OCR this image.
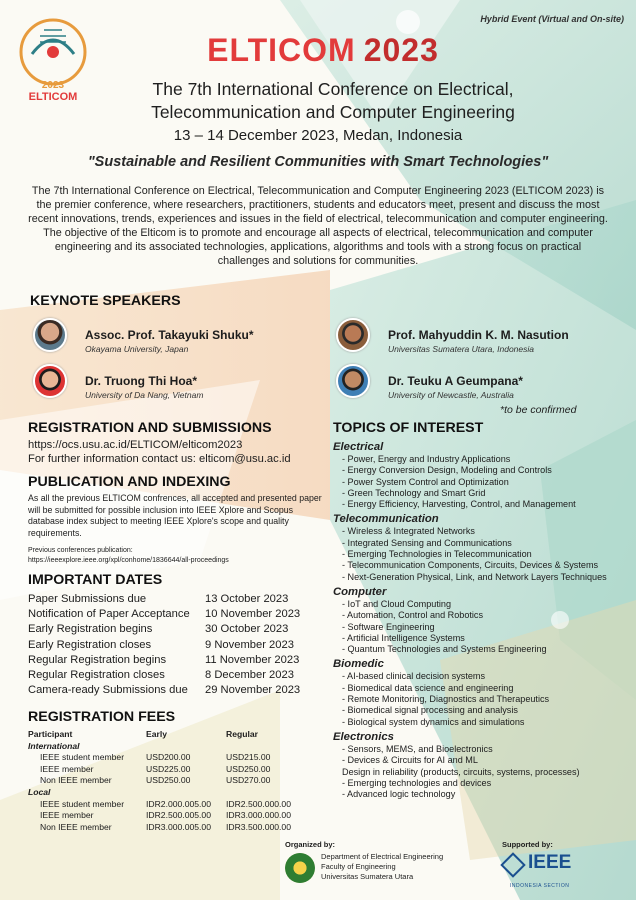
Hybrid Event (Virtual and On-site)
2023
ELTICOM
ELTICOM 2023
The 7th International Conference on Electrical,
Telecommunication and Computer Engineering
13 – 14 December 2023, Medan, Indonesia
"Sustainable and Resilient Communities with Smart Technologies"
The 7th International Conference on Electrical, Telecommunication and Computer Engineering 2023 (ELTICOM 2023) is the premier conference, where researchers, practitioners, students and educators meet, present and discuss the most recent innovations, trends, experiences and issues in the field of electrical, telecommunication and computer engineering. The objective of the Elticom is to promote and encourage all aspects of electrical, telecommunication and computer engineering and its associated technologies, applications, algorithms and tools with a strong focus on practical challenges and solutions for communities.
KEYNOTE SPEAKERS
Assoc. Prof. Takayuki Shuku*
Okayama University, Japan
Dr. Truong Thi Hoa*
University of Da Nang, Vietnam
Prof. Mahyuddin K. M. Nasution
Universitas Sumatera Utara, Indonesia
Dr. Teuku A Geumpana*
University of Newcastle, Australia
*to be confirmed
REGISTRATION AND SUBMISSIONS
https://ocs.usu.ac.id/ELTICOM/elticom2023
For further information contact us: elticom@usu.ac.id
PUBLICATION AND INDEXING
As all the previous ELTICOM confrences, all accepted and presented paper will be submitted for possible inclusion into IEEE Xplore and Scopus database index subject to meeting IEEE Xplore's scope and quality requirements.
Previous conferences publication:
https://ieeexplore.ieee.org/xpl/conhome/1836644/all-proceedings
IMPORTANT DATES
Paper Submissions due	13 October 2023
Notification of Paper Acceptance	10 November 2023
Early Registration begins	30 October 2023
Early Registration closes	9 November 2023
Regular Registration begins	11 November 2023
Regular Registration closes	8 December 2023
Camera-ready Submissions due	29 November 2023
REGISTRATION FEES
Participant	Early	Regular
International
IEEE student member	USD200.00	USD215.00
IEEE member	USD225.00	USD250.00
Non IEEE member	USD250.00	USD270.00
Local
IEEE student member	IDR2.000.005.00	IDR2.500.000.00
IEEE member	IDR2.500.005.00	IDR3.000.000.00
Non IEEE member	IDR3.000.005.00	IDR3.500.000.00
TOPICS OF INTEREST
Electrical
- Power, Energy and Industry Applications
- Energy Conversion Design, Modeling and Controls
- Power System Control and Optimization
- Green Technology and Smart Grid
- Energy Efficiency, Harvesting, Control, and Management
Telecommunication
- Wireless & Integrated Networks
- Integrated Sensing and Communications
- Emerging Technologies in Telecommunication
- Telecommunication Components, Circuits, Devices & Systems
- Next-Generation Physical, Link, and Network Layers Techniques
Computer
- IoT and Cloud Computing
- Automation, Control and Robotics
- Software Engineering
- Artificial Intelligence Systems
- Quantum Technologies and Systems Engineering
Biomedic
- AI-based clinical decision systems
- Biomedical data science and engineering
- Remote Monitoring, Diagnostics and Therapeutics
- Biomedical signal processing and analysis
- Biological system dynamics and simulations
Electronics
- Sensors, MEMS, and Bioelectronics
- Devices & Circuits for AI and ML
Design in reliability (products, circuits, systems, processes)
- Emerging technologies and devices
- Advanced logic technology
Organized by:
Department of Electrical Engineering
Faculty of Engineering
Universitas Sumatera Utara
Supported by:
IEEE
INDONESIA SECTION
